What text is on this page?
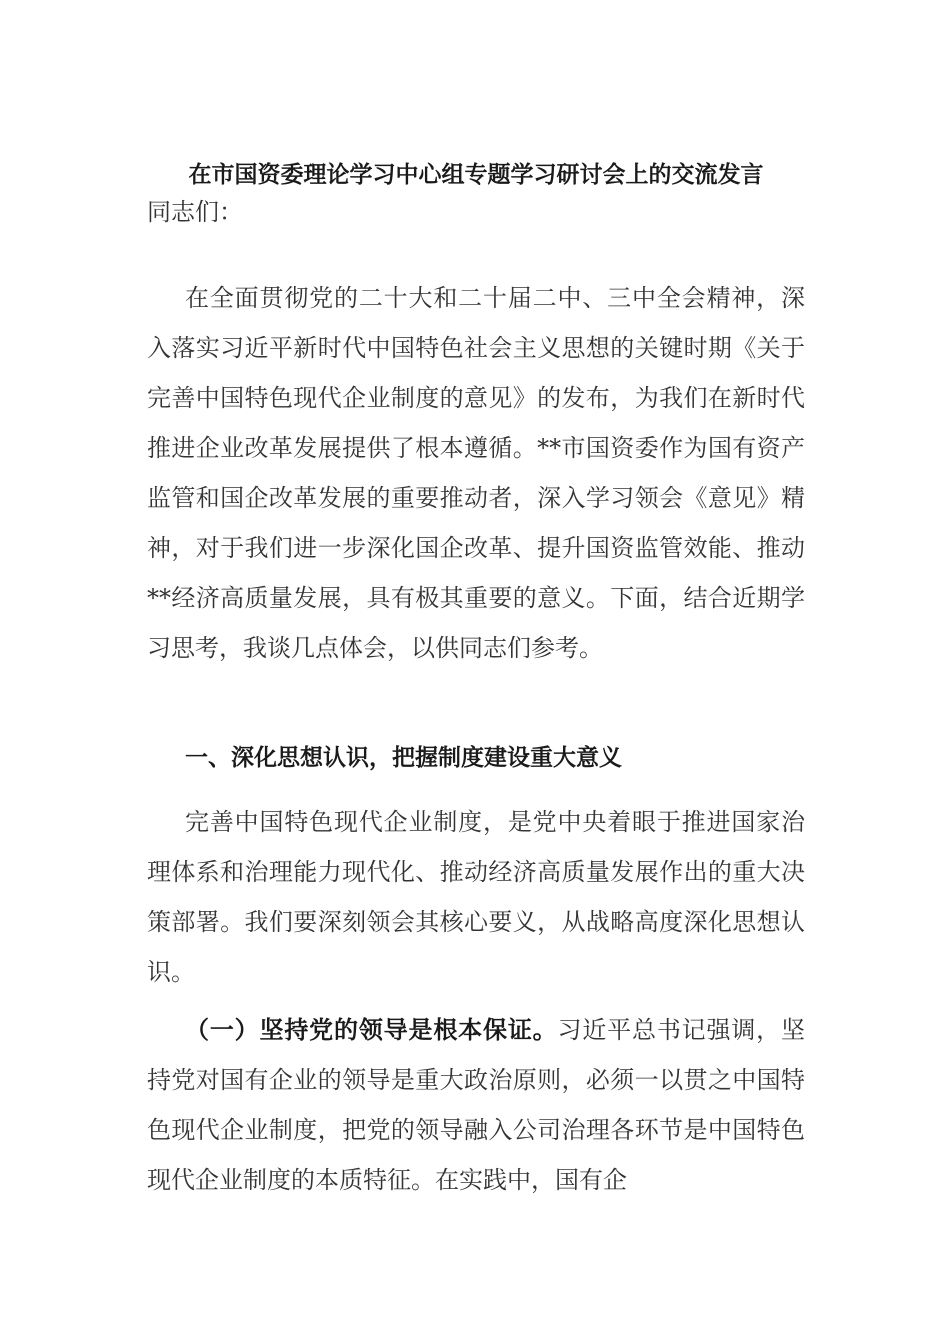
在市国资委理论学习中心组专题学习研讨会上的交流发言

同志们：

在全面贯彻党的二十大和二十届二中、三中全会精神，深入落实习近平新时代中国特色社会主义思想的关键时期《关于完善中国特色现代企业制度的意见》的发布，为我们在新时代推进企业改革发展提供了根本遵循。**市国资委作为国有资产监管和国企改革发展的重要推动者，深入学习领会《意见》精神，对于我们进一步深化国企改革、提升国资监管效能、推动**经济高质量发展，具有极其重要的意义。下面，结合近期学习思考，我谈几点体会，以供同志们参考。

一、深化思想认识，把握制度建设重大意义

完善中国特色现代企业制度，是党中央着眼于推进国家治理体系和治理能力现代化、推动经济高质量发展作出的重大决策部署。我们要深刻领会其核心要义，从战略高度深化思想认识。

（一）坚持党的领导是根本保证。习近平总书记强调，坚持党对国有企业的领导是重大政治原则，必须一以贯之中国特色现代企业制度，把党的领导融入公司治理各环节是中国特色现代企业制度的本质特征。在实践中，国有企
